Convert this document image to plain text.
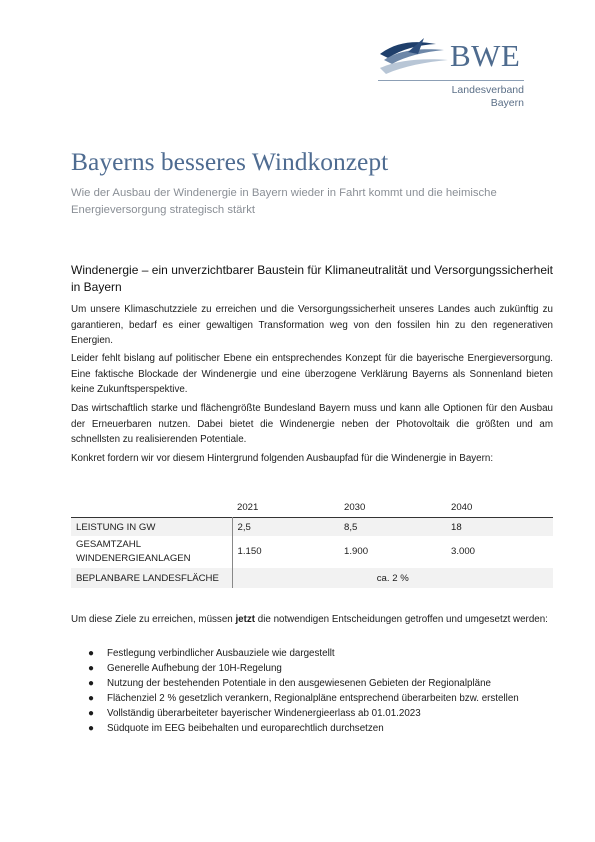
BWE
Landesverband
Bayern
Bayerns besseres Windkonzept
Wie der Ausbau der Windenergie in Bayern wieder in Fahrt kommt und die heimische Energieversorgung strategisch stärkt
Windenergie – ein unverzichtbarer Baustein für Klimaneutralität und Versorgungssicherheit in Bayern

Um unsere Klimaschutzziele zu erreichen und die Versorgungssicherheit unseres Landes auch zukünftig zu garantieren, bedarf es einer gewaltigen Transformation weg von den fossilen hin zu den regenerativen Energien.

Leider fehlt bislang auf politischer Ebene ein entsprechendes Konzept für die bayerische Energieversorgung. Eine faktische Blockade der Windenergie und eine überzogene Verklärung Bayerns als Sonnenland bieten keine Zukunftsperspektive.

Das wirtschaftlich starke und flächengrößte Bundesland Bayern muss und kann alle Optionen für den Ausbau der Erneuerbaren nutzen. Dabei bietet die Windenergie neben der Photovoltaik die größten und am schnellsten zu realisierenden Potentiale.

Konkret fordern wir vor diesem Hintergrund folgenden Ausbaupfad für die Windenergie in Bayern:

	2021	2030	2040
LEISTUNG IN GW	2,5	8,5	18
GESAMTZAHL WINDENERGIEANLAGEN	1.150	1.900	3.000
BEPLANBARE LANDESFLÄCHE	ca. 2 %		

Um diese Ziele zu erreichen, müssen jetzt die notwendigen Entscheidungen getroffen und umgesetzt werden:

● Festlegung verbindlicher Ausbauziele wie dargestellt
● Generelle Aufhebung der 10H-Regelung
● Nutzung der bestehenden Potentiale in den ausgewiesenen Gebieten der Regionalpläne
● Flächenziel 2 % gesetzlich verankern, Regionalpläne entsprechend überarbeiten bzw. erstellen
● Vollständig überarbeiteter bayerischer Windenergieerlass ab 01.01.2023
● Südquote im EEG beibehalten und europarechtlich durchsetzen
